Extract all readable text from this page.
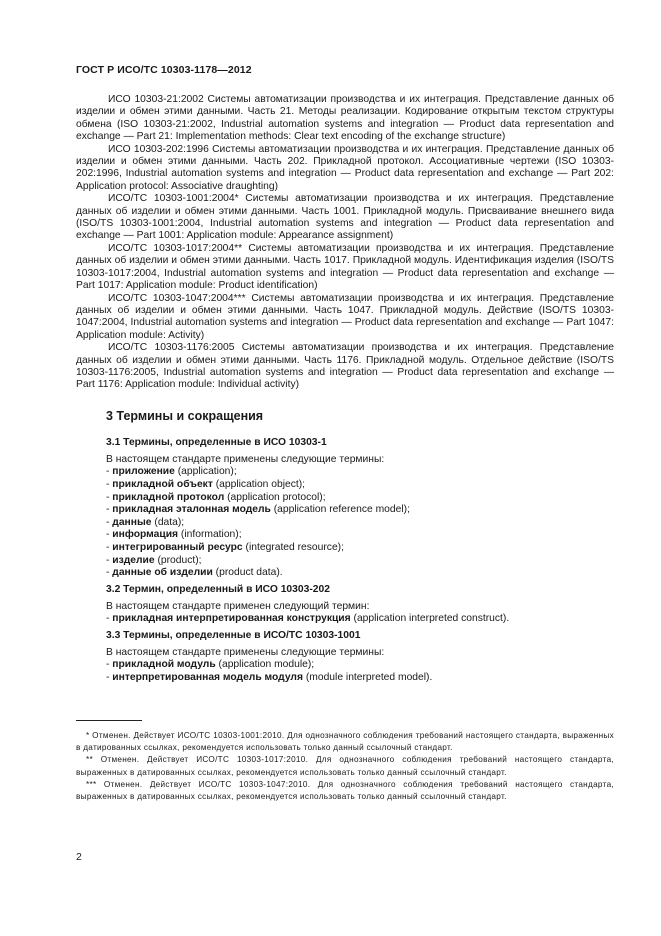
ГОСТ Р ИСО/ТС 10303-1178—2012

ИСО 10303-21:2002 Системы автоматизации производства и их интеграция. Представление данных об изделии и обмен этими данными. Часть 21. Методы реализации. Кодирование открытым текстом структуры обмена (ISO 10303-21:2002, Industrial automation systems and integration — Product data representation and exchange — Part 21: Implementation methods: Clear text encoding of the exchange structure)

ИСО 10303-202:1996 Системы автоматизации производства и их интеграция. Представление данных об изделии и обмен этими данными. Часть 202. Прикладной протокол. Ассоциативные чертежи (ISO 10303-202:1996, Industrial automation systems and integration — Product data representation and exchange — Part 202: Application protocol: Associative draughting)

ИСО/ТС 10303-1001:2004* Системы автоматизации производства и их интеграция. Представление данных об изделии и обмен этими данными. Часть 1001. Прикладной модуль. Присваивание внешнего вида (ISO/TS 10303-1001:2004, Industrial automation systems and integration — Product data representation and exchange — Part 1001: Application module: Appearance assignment)

ИСО/ТС 10303-1017:2004** Системы автоматизации производства и их интеграция. Представление данных об изделии и обмен этими данными. Часть 1017. Прикладной модуль. Идентификация изделия (ISO/TS 10303-1017:2004, Industrial automation systems and integration — Product data representation and exchange — Part 1017: Application module: Product identification)

ИСО/ТС 10303-1047:2004*** Системы автоматизации производства и их интеграция. Представление данных об изделии и обмен этими данными. Часть 1047. Прикладной модуль. Действие (ISO/TS 10303-1047:2004, Industrial automation systems and integration — Product data representation and exchange — Part 1047: Application module: Activity)

ИСО/ТС 10303-1176:2005 Системы автоматизации производства и их интеграция. Представление данных об изделии и обмен этими данными. Часть 1176. Прикладной модуль. Отдельное действие (ISO/TS 10303-1176:2005, Industrial automation systems and integration — Product data representation and exchange — Part 1176: Application module: Individual activity)

3 Термины и сокращения
3.1 Термины, определенные в ИСО 10303-1
В настоящем стандарте применены следующие термины:
- приложение (application);
- прикладной объект (application object);
- прикладной протокол (application protocol);
- прикладная эталонная модель (application reference model);
- данные (data);
- информация (information);
- интегрированный ресурс (integrated resource);
- изделие (product);
- данные об изделии (product data).
3.2 Термин, определенный в ИСО 10303-202
В настоящем стандарте применен следующий термин:
- прикладная интерпретированная конструкция (application interpreted construct).
3.3 Термины, определенные в ИСО/ТС 10303-1001
В настоящем стандарте применены следующие термины:
- прикладной модуль (application module);
- интерпретированная модель модуля (module interpreted model).

* Отменен. Действует ИСО/ТС 10303-1001:2010. Для однозначного соблюдения требований настоящего стандарта, выраженных в датированных ссылках, рекомендуется использовать только данный ссылочный стандарт.

** Отменен. Действует ИСО/ТС 10303-1017:2010. Для однозначного соблюдения требований настоящего стандарта, выраженных в датированных ссылках, рекомендуется использовать только данный ссылочный стандарт.

*** Отменен. Действует ИСО/ТС 10303-1047:2010. Для однозначного соблюдения требований настоящего стандарта, выраженных в датированных ссылках, рекомендуется использовать только данный ссылочный стандарт.

2
